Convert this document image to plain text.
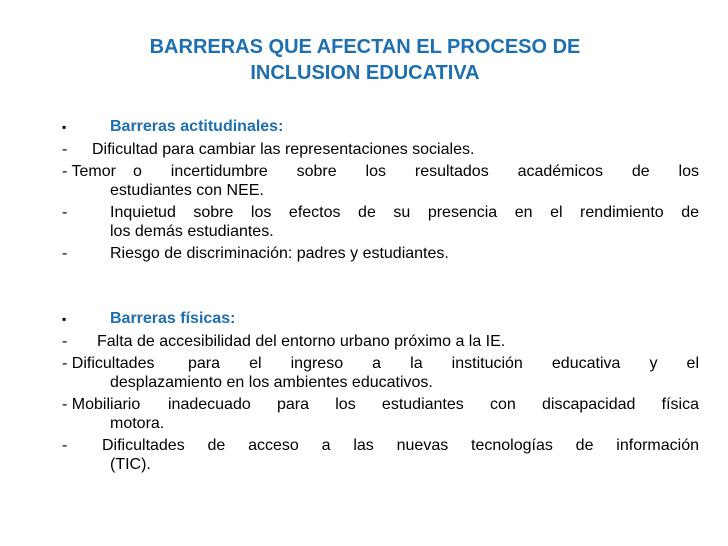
BARRERAS QUE AFECTAN EL PROCESO DE
INCLUSION EDUCATIVA
▪	Barreras actitudinales:
- Dificultad para cambiar las representaciones sociales.
- Temor o incertidumbre sobre los resultados académicos de los
estudiantes con NEE.
-	Inquietud sobre los efectos de su presencia en el rendimiento de
los demás estudiantes.
-	Riesgo de discriminación: padres y estudiantes.
▪	Barreras físicas:
- Falta de accesibilidad del entorno urbano próximo a la IE.
- Dificultades para el ingreso a la institución educativa y el
desplazamiento en los ambientes educativos.
- Mobiliario inadecuado para los estudiantes con discapacidad física
motora.
- Dificultades de acceso a las nuevas tecnologías de información
(TIC).
